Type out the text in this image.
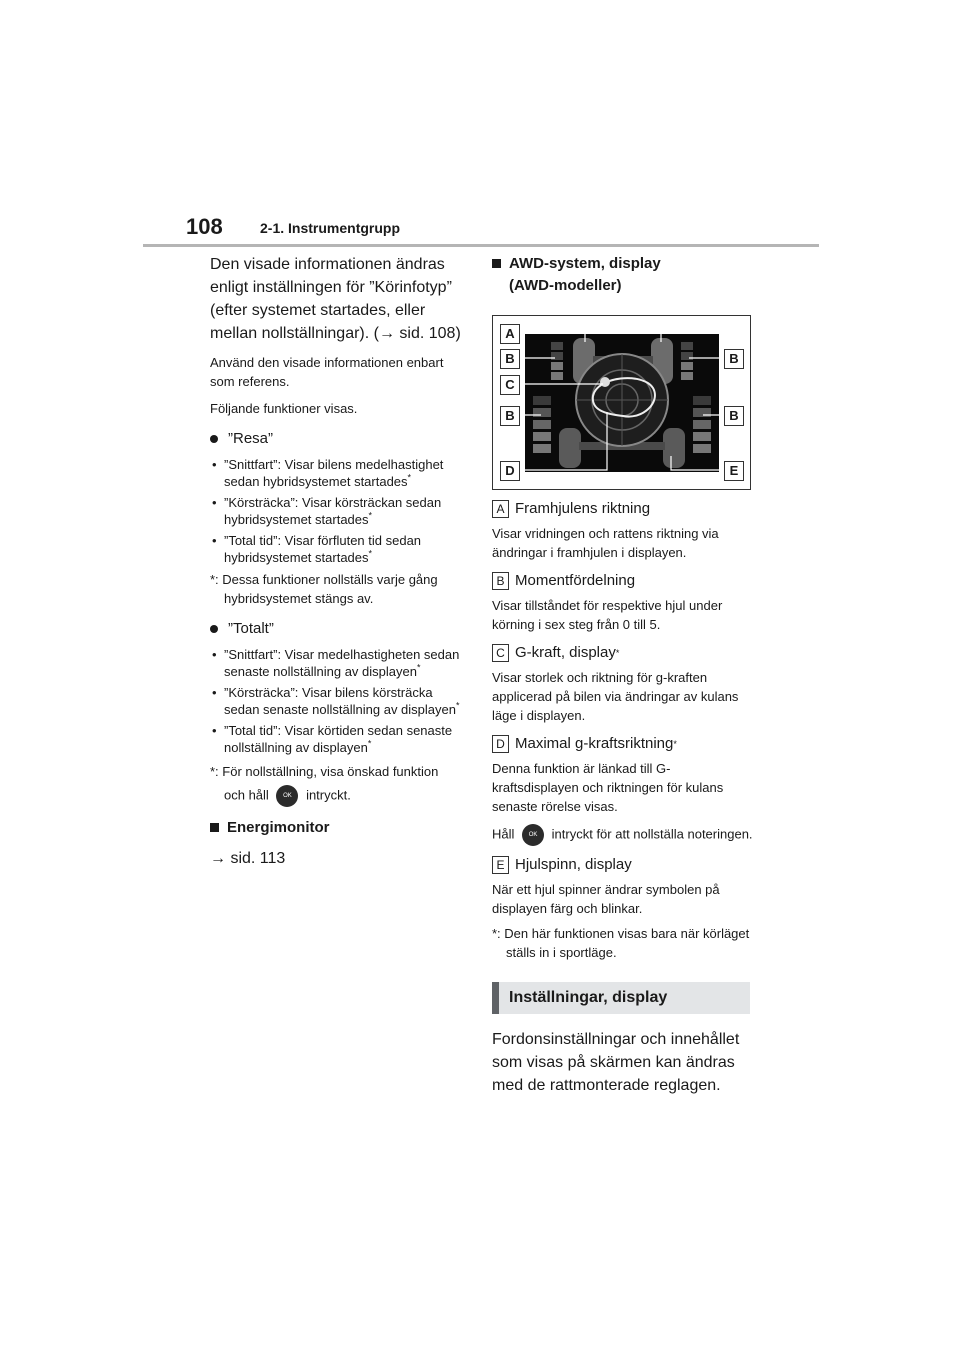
108	2-1. Instrumentgrupp

Den visade informationen ändras enligt inställningen för ”Körinfotyp” (efter systemet startades, eller mellan nollställningar). (→ sid. 108)

Använd den visade informationen enbart som referens.

Följande funktioner visas.

”Resa”
• ”Snittfart”: Visar bilens medelhastighet sedan hybridsystemet startades*
• ”Körsträcka”: Visar körsträckan sedan hybridsystemet startades*
• ”Total tid”: Visar förfluten tid sedan hybridsystemet startades*

*: Dessa funktioner nollställs varje gång hybridsystemet stängs av.

”Totalt”
• ”Snittfart”: Visar medelhastigheten sedan senaste nollställning av displayen*
• ”Körsträcka”: Visar bilens körsträcka sedan senaste nollställning av displayen*
• ”Total tid”: Visar körtiden sedan senaste nollställning av displayen*

*: För nollställning, visa önskad funktion

och håll OK intryckt.

Energimonitor

→ sid. 113

AWD-system, display
(AWD-modeller)
A
B	B
C
B	B
D	E
A Framhjulens riktning

Visar vridningen och rattens riktning via ändringar i framhjulen i displayen.

B Momentfördelning

Visar tillståndet för respektive hjul under körning i sex steg från 0 till 5.

C G-kraft, display *

Visar storlek och riktning för g-kraften applicerad på bilen via ändringar av kulans läge i displayen.

D Maximal g-kraftsriktning *

Denna funktion är länkad till G-kraftsdisplayen och riktningen för kulans senaste rörelse visas.

Håll OK intryckt för att nollställa noteringen.

E Hjulspinn, display

När ett hjul spinner ändrar symbolen på displayen färg och blinkar.

*: Den här funktionen visas bara när körläget ställs in i sportläge.

Inställningar, display

Fordonsinställningar och innehållet som visas på skärmen kan ändras med de rattmonterade reglagen.
